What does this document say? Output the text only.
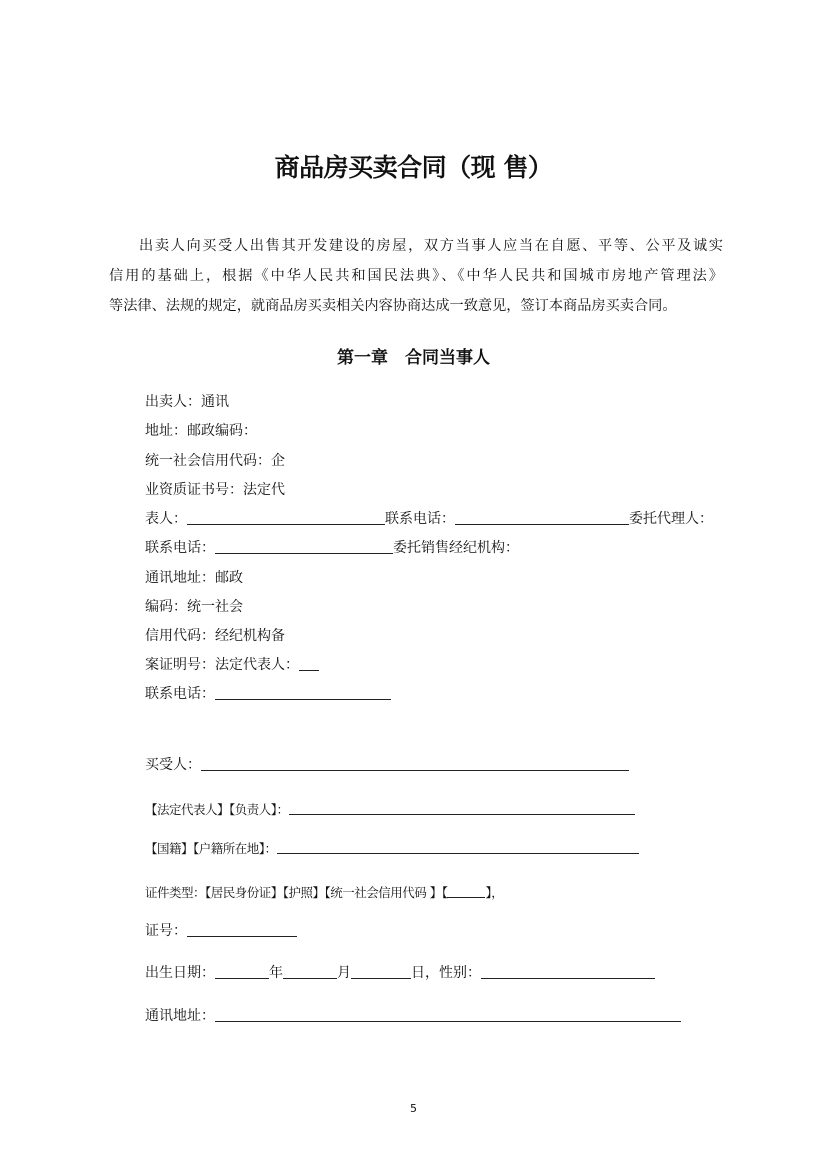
商品房买卖合同（现 售）
出卖人向买受人出售其开发建设的房屋，双方当事人应当在自愿、平等、公平及诚实
信用的基础上，根据《中华人民共和国民法典》、《中华人民共和国城市房地产管理法》
等法律、法规的规定，就商品房买卖相关内容协商达成一致意见，签订本商品房买卖合同。
第一章　合同当事人
出卖人： 通讯
地址： 邮政编码：
统一社会信用代码： 企
业资质证书号： 法定代
表人：	联系电话：	委托代理人：
联系电话：	委托销售经纪机构：
通讯地址： 邮政
编码： 统一社会
信用代码： 经纪机构备
案证明号： 法定代表人：
联系电话：
买受人：
【法定代表人】【负责人】：
【国籍】【户籍所在地】：
证件类型：【居民身份证】【护照】【统一社会信用代码 】【	】，
证号：
出生日期：	年	月	日，性别：
通讯地址：
5
